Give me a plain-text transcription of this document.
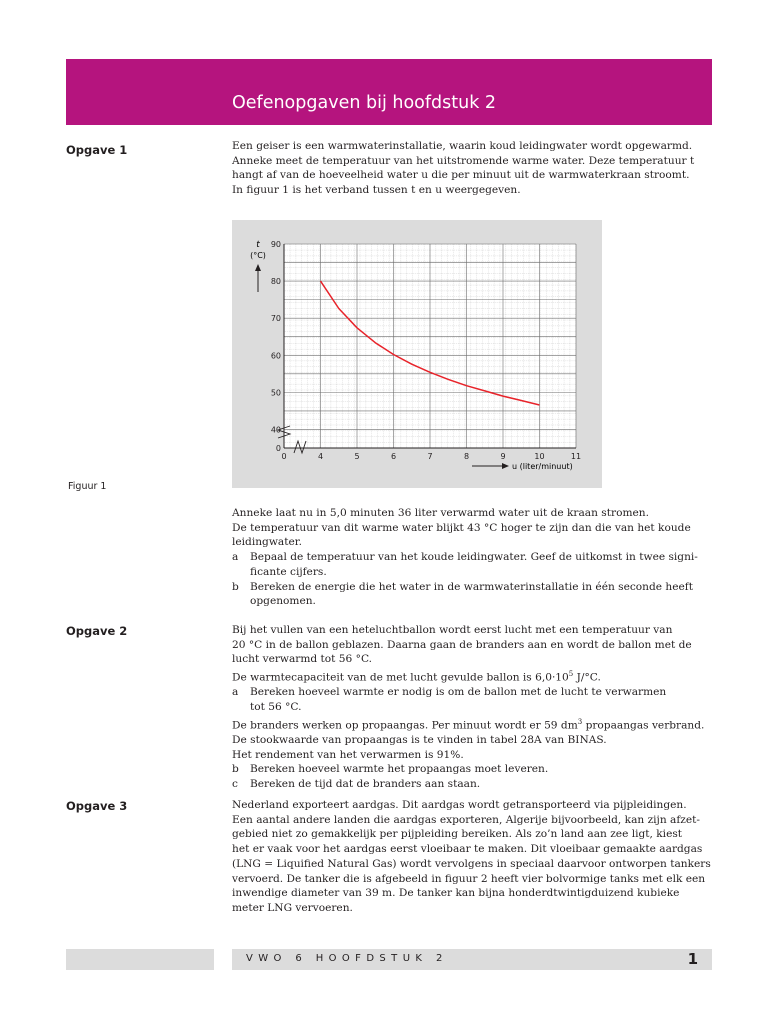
Oefenopgaven bij hoofdstuk 2
Opgave 1	Een geiser is een warmwaterinstallatie, waarin koud leidingwater wordt opgewarmd.

Anneke meet de temperatuur van het uitstromende warme water. Deze temperatuur t

hangt af van de hoeveelheid water u die per minuut uit de warmwaterkraan stroomt.

In figuur 1 is het verband tussen t en u weergegeven.

0	4	5	6	7	8	9	10	11
0
40
50
60
70
80
90
t
(°C)
u (liter/minuut)
Figuur 1

Anneke laat nu in 5,0 minuten 36 liter verwarmd water uit de kraan stromen.

De temperatuur van dit warme water blijkt 43 °C hoger te zijn dan die van het koude

leidingwater.

a	Bepaal de temperatuur van het koude leidingwater. Geef de uitkomst in twee signi-
ficante cijfers.
b	Bereken de energie die het water in de warmwaterinstallatie in één seconde heeft
opgenomen.
Opgave 2	Bij het vullen van een heteluchtballon wordt eerst lucht met een temperatuur van

20 °C in de ballon geblazen. Daarna gaan de branders aan en wordt de ballon met de

lucht verwarmd tot 56 °C.

De warmtecapaciteit van de met lucht gevulde ballon is $6,0\cdot 10^5$ J/°C.

a	Bereken hoeveel warmte er nodig is om de ballon met de lucht te verwarmen
tot 56 °C.

De branders werken op propaangas. Per minuut wordt er 59 $dm^3$ propaangas verbrand.

De stookwaarde van propaangas is te vinden in tabel 28A van BINAS.

Het rendement van het verwarmen is 91%.

b	Bereken hoeveel warmte het propaangas moet leveren.
c	Bereken de tijd dat de branders aan staan.
Opgave 3	Nederland exporteert aardgas. Dit aardgas wordt getransporteerd via pijpleidingen.

Een aantal andere landen die aardgas exporteren, Algerije bijvoorbeeld, kan zijn afzet-

gebied niet zo gemakkelijk per pijpleiding bereiken. Als zo’n land aan zee ligt, kiest

het er vaak voor het aardgas eerst vloeibaar te maken. Dit vloeibaar gemaakte aardgas

(LNG = Liquified Natural Gas) wordt vervolgens in speciaal daarvoor ontworpen tankers

vervoerd. De tanker die is afgebeeld in figuur 2 heeft vier bolvormige tanks met elk een

inwendige diameter van 39 m. De tanker kan bijna honderdtwintigduizend kubieke

meter LNG vervoeren.

VWO 6 HOOFDSTUK 2	1
